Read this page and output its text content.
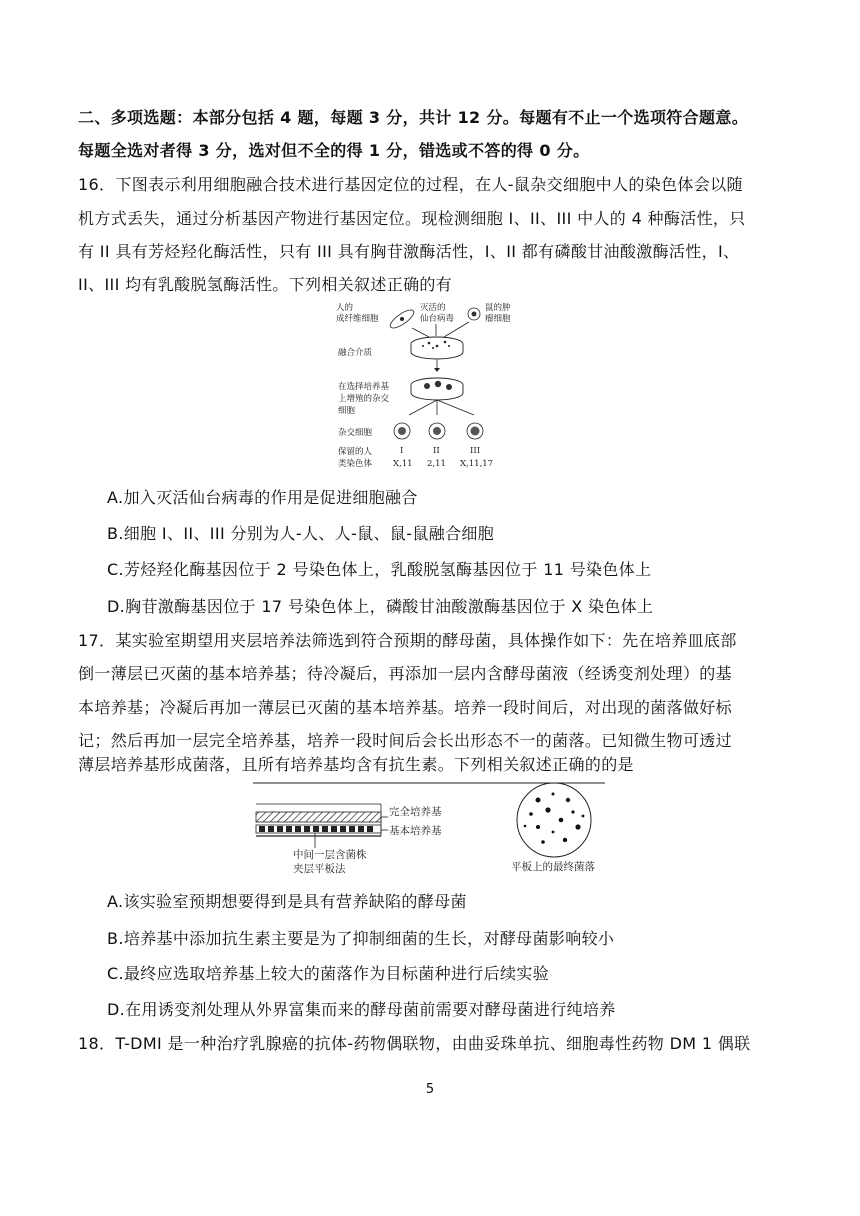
二、多项选题：本部分包括 4 题，每题 3 分，共计 12 分。每题有不止一个选项符合题意。
每题全选对者得 3 分，选对但不全的得 1 分，错选或不答的得 0 分。
16．下图表示利用细胞融合技术进行基因定位的过程，在人-鼠杂交细胞中人的染色体会以随
机方式丢失，通过分析基因产物进行基因定位。现检测细胞 I、II、III 中人的 4 种酶活性，只
有 II 具有芳烃羟化酶活性，只有 III 具有胸苷激酶活性，I、II 都有磷酸甘油酸激酶活性，I、
II、III 均有乳酸脱氢酶活性。下列相关叙述正确的有
人的
成纤维细胞
灭活的
仙台病毒
鼠的肿
瘤细胞
融合介质
在选择培养基
上增殖的杂交
细胞
杂交细胞
保留的人
类染色体
I	II	III
X,11 2,11 X,11,17
A.加入灭活仙台病毒的作用是促进细胞融合
B.细胞 I、II、III 分别为人-人、人-鼠、鼠-鼠融合细胞
C.芳烃羟化酶基因位于 2 号染色体上，乳酸脱氢酶基因位于 11 号染色体上
D.胸苷激酶基因位于 17 号染色体上，磷酸甘油酸激酶基因位于 X 染色体上
17．某实验室期望用夹层培养法筛选到符合预期的酵母菌，具体操作如下：先在培养皿底部
倒一薄层已灭菌的基本培养基；待冷凝后，再添加一层内含酵母菌液（经诱变剂处理）的基
本培养基；冷凝后再加一薄层已灭菌的基本培养基。培养一段时间后，对出现的菌落做好标
记；然后再加一层完全培养基，培养一段时间后会长出形态不一的菌落。已知微生物可透过
薄层培养基形成菌落，且所有培养基均含有抗生素。下列相关叙述正确的的是
完全培养基
基本培养基
中间一层含菌株
夹层平板法	平板上的最终菌落
A.该实验室预期想要得到是具有营养缺陷的酵母菌
B.培养基中添加抗生素主要是为了抑制细菌的生长，对酵母菌影响较小
C.最终应选取培养基上较大的菌落作为目标菌种进行后续实验
D.在用诱变剂处理从外界富集而来的酵母菌前需要对酵母菌进行纯培养
18．T-DMI 是一种治疗乳腺癌的抗体-药物偶联物，由曲妥珠单抗、细胞毒性药物 DM 1 偶联
5
